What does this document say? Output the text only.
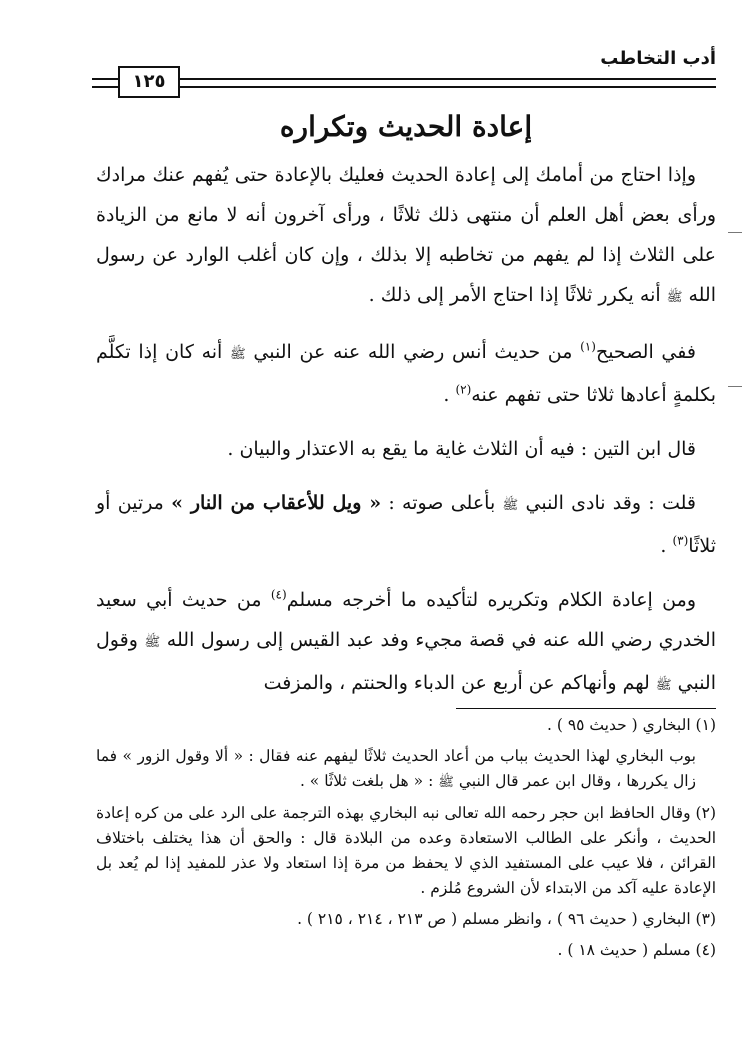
أدب التخاطب
١٢٥
إعادة الحديث وتكراره

وإذا احتاج من أمامك إلى إعادة الحديث فعليك بالإعادة حتى يُفهم عنك مرادك ورأى بعض أهل العلم أن منتهى ذلك ثلاثًا ، ورأى آخرون أنه لا مانع من الزيادة على الثلاث إذا لم يفهم من تخاطبه إلا بذلك ، وإن كان أغلب الوارد عن رسول الله ﷺ أنه يكرر ثلاثًا إذا احتاج الأمر إلى ذلك .

ففي الصحيح$^{(١)}$ من حديث أنس رضي الله عنه عن النبي ﷺ أنه كان إذا تكلَّم بكلمةٍ أعادها ثلاثا حتى تفهم عنه$^{(٢)}$ .

قال ابن التين : فيه أن الثلاث غاية ما يقع به الاعتذار والبيان .

قلت : وقد نادى النبي ﷺ بأعلى صوته : « ويل للأعقاب من النار » مرتين أو ثلاثًا$^{(٣)}$ .

ومن إعادة الكلام وتكريره لتأكيده ما أخرجه مسلم$^{(٤)}$ من حديث أبي سعيد الخدري رضي الله عنه في قصة مجيء وفد عبد القيس إلى رسول الله ﷺ وقول النبي ﷺ لهم وأنهاكم عن أربع عن الدباء والحنتم ، والمزفت

(١) البخاري ( حديث ٩٥ ) .

بوب البخاري لهذا الحديث بباب من أعاد الحديث ثلاثًا ليفهم عنه فقال : « ألا وقول الزور » فما زال يكررها ، وقال ابن عمر قال النبي ﷺ : « هل بلغت ثلاثًا » .

(٢) وقال الحافظ ابن حجر رحمه الله تعالى نبه البخاري بهذه الترجمة على الرد على من كره إعادة الحديث ، وأنكر على الطالب الاستعادة وعده من البلادة قال : والحق أن هذا يختلف باختلاف القرائن ، فلا عيب على المستفيد الذي لا يحفظ من مرة إذا استعاد ولا عذر للمفيد إذا لم يُعد بل الإعادة عليه آكد من الابتداء لأن الشروع مُلزم .

(٣) البخاري ( حديث ٩٦ ) ، وانظر مسلم ( ص ٢١٣ ، ٢١٤ ، ٢١٥ ) .

(٤) مسلم ( حديث ١٨ ) .
